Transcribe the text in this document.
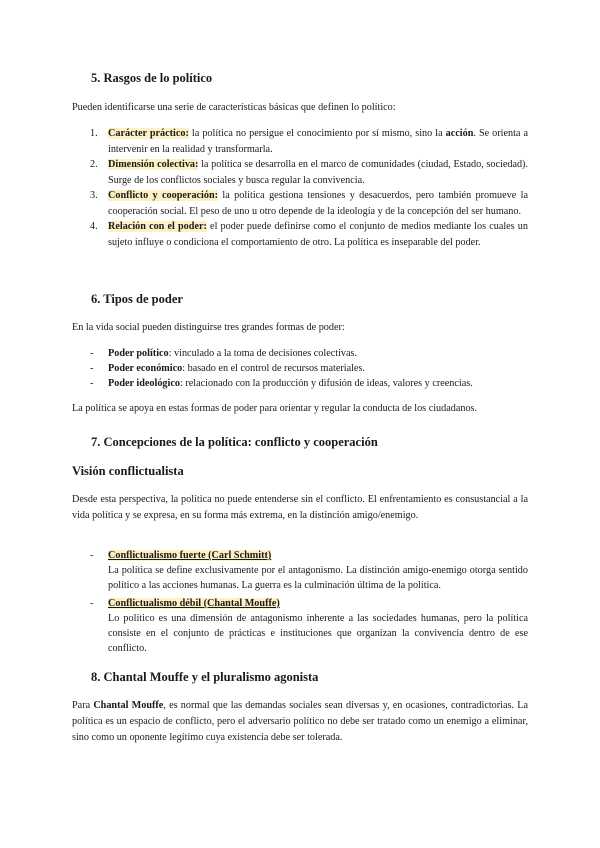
5. Rasgos de lo político

Pueden identificarse una serie de características básicas que definen lo político:

1. Carácter práctico: la política no persigue el conocimiento por sí mismo, sino la acción. Se orienta a intervenir en la realidad y transformarla.
2. Dimensión colectiva: la política se desarrolla en el marco de comunidades (ciudad, Estado, sociedad). Surge de los conflictos sociales y busca regular la convivencia.
3. Conflicto y cooperación: la política gestiona tensiones y desacuerdos, pero también promueve la cooperación social. El peso de uno u otro depende de la ideología y de la concepción del ser humano.
4. Relación con el poder: el poder puede definirse como el conjunto de medios mediante los cuales un sujeto influye o condiciona el comportamiento de otro. La política es inseparable del poder.
6. Tipos de poder

En la vida social pueden distinguirse tres grandes formas de poder:

- Poder político: vinculado a la toma de decisiones colectivas.
- Poder económico: basado en el control de recursos materiales.
- Poder ideológico: relacionado con la producción y difusión de ideas, valores y creencias.

La política se apoya en estas formas de poder para orientar y regular la conducta de los ciudadanos.

7. Concepciones de la política: conflicto y cooperación
Visión conflictualista

Desde esta perspectiva, la política no puede entenderse sin el conflicto. El enfrentamiento es consustancial a la vida política y se expresa, en su forma más extrema, en la distinción amigo/enemigo.

- Conflictualismo fuerte (Carl Schmitt)
La política se define exclusivamente por el antagonismo. La distinción amigo-enemigo otorga sentido político a las acciones humanas. La guerra es la culminación última de la política.
- Conflictualismo débil (Chantal Mouffe)
Lo político es una dimensión de antagonismo inherente a las sociedades humanas, pero la política consiste en el conjunto de prácticas e instituciones que organizan la convivencia dentro de ese conflicto.
8. Chantal Mouffe y el pluralismo agonista

Para Chantal Mouffe, es normal que las demandas sociales sean diversas y, en ocasiones, contradictorias. La política es un espacio de conflicto, pero el adversario político no debe ser tratado como un enemigo a eliminar, sino como un oponente legítimo cuya existencia debe ser tolerada.
